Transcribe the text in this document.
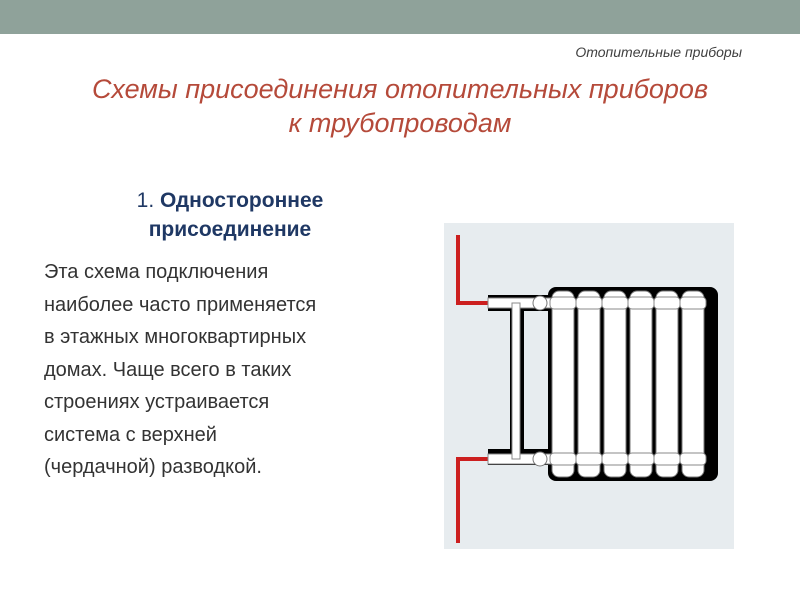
Отопительные приборы
Схемы присоединения отопительных приборов
к трубопроводам
1. Одностороннее
присоединение
Эта схема подключения
наиболее часто применяется
в этажных многоквартирных
домах. Чаще всего в таких
строениях устраивается
система с верхней
(чердачной) разводкой.
